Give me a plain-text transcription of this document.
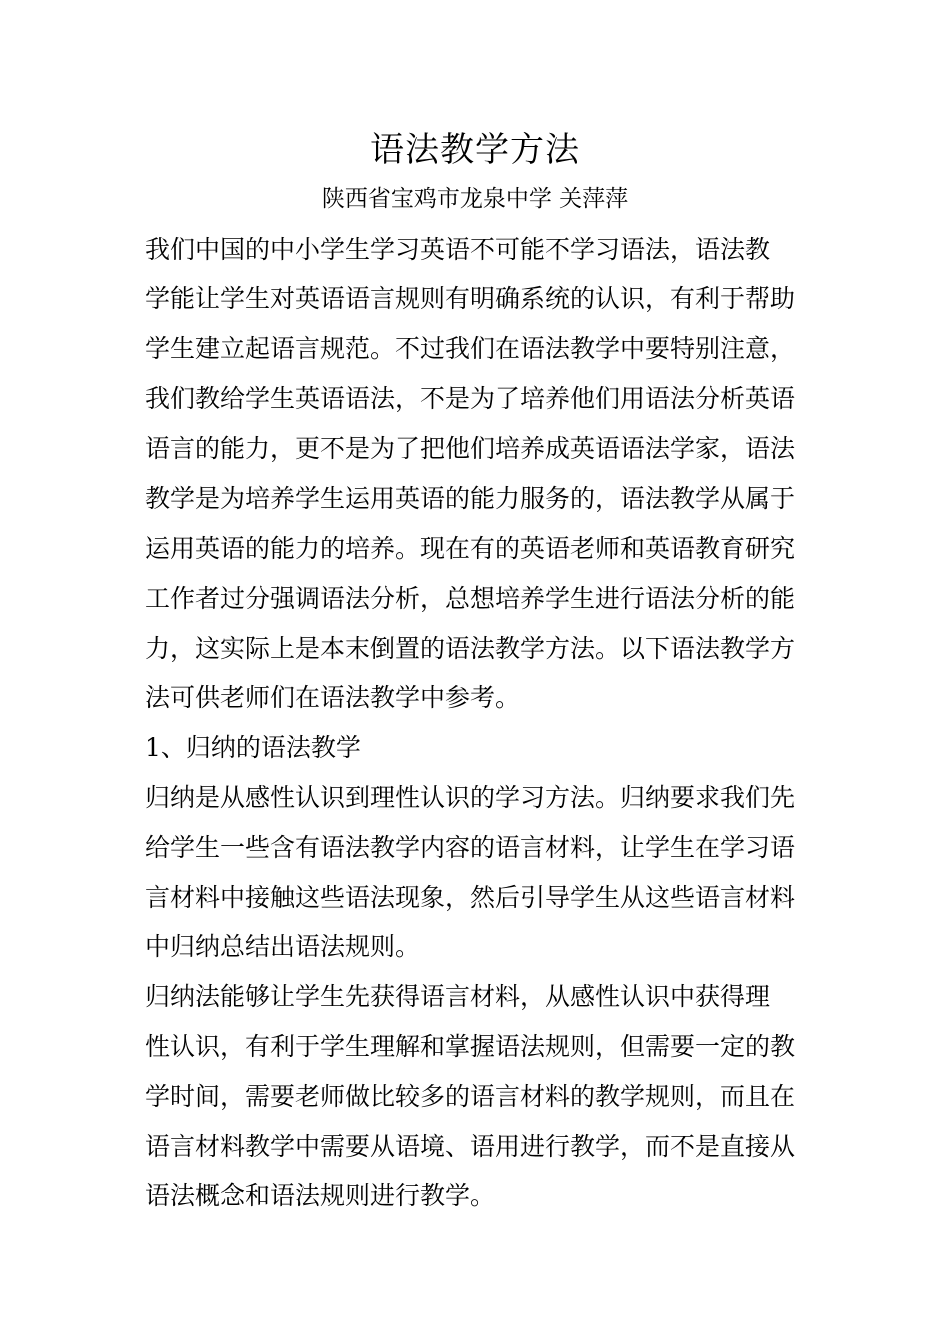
语法教学方法
陕西省宝鸡市龙泉中学 关萍萍
我们中国的中小学生学习英语不可能不学习语法，语法教
学能让学生对英语语言规则有明确系统的认识，有利于帮助
学生建立起语言规范。不过我们在语法教学中要特别注意，
我们教给学生英语语法，不是为了培养他们用语法分析英语
语言的能力，更不是为了把他们培养成英语语法学家，语法
教学是为培养学生运用英语的能力服务的，语法教学从属于
运用英语的能力的培养。现在有的英语老师和英语教育研究
工作者过分强调语法分析，总想培养学生进行语法分析的能
力，这实际上是本末倒置的语法教学方法。以下语法教学方
法可供老师们在语法教学中参考。
1、归纳的语法教学
归纳是从感性认识到理性认识的学习方法。归纳要求我们先
给学生一些含有语法教学内容的语言材料，让学生在学习语
言材料中接触这些语法现象，然后引导学生从这些语言材料
中归纳总结出语法规则。
归纳法能够让学生先获得语言材料，从感性认识中获得理
性认识，有利于学生理解和掌握语法规则，但需要一定的教
学时间，需要老师做比较多的语言材料的教学规则，而且在
语言材料教学中需要从语境、语用进行教学，而不是直接从
语法概念和语法规则进行教学。
